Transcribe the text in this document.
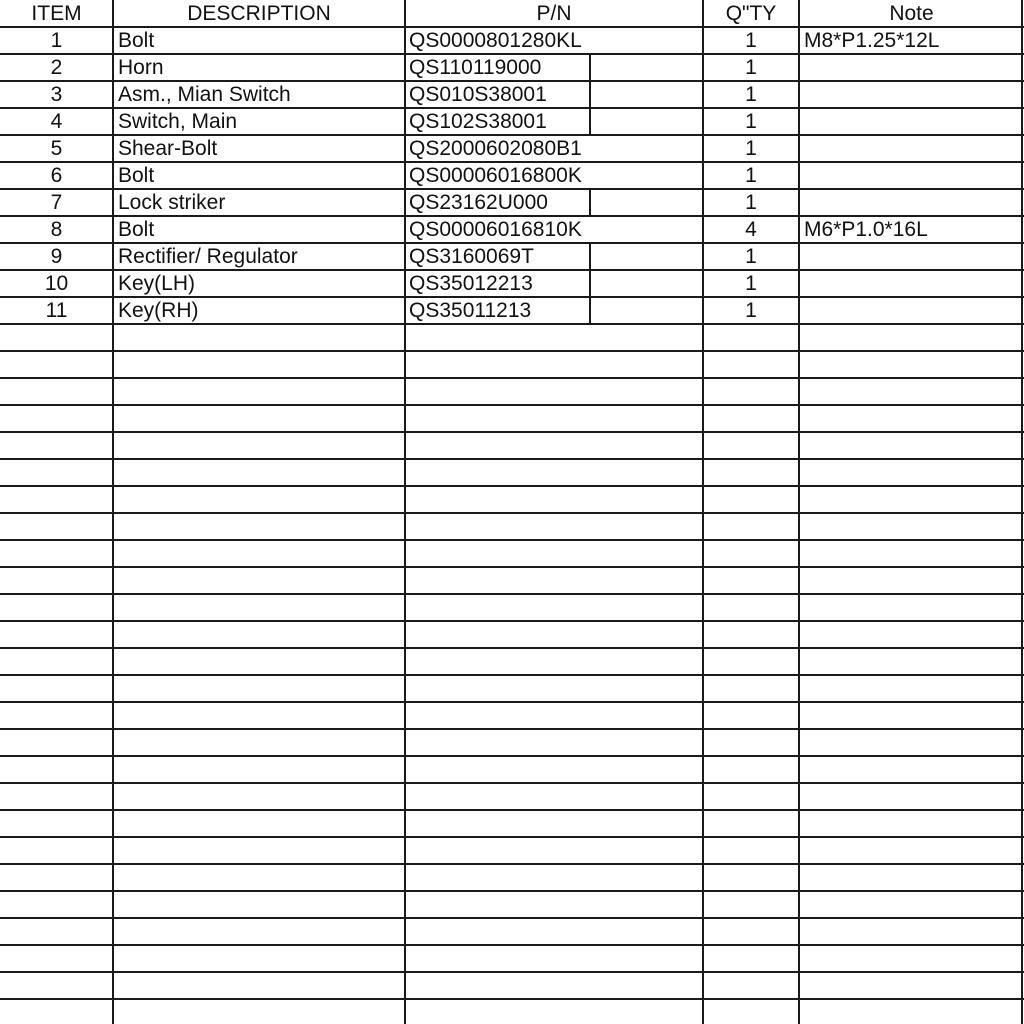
ITEM	DESCRIPTION	P/N	Q"TY	Note
1	Bolt	QS0000801280KL	1	M8*P1.25*12L
2	Horn	QS110119000	1
3	Asm., Mian Switch	QS010S38001	1
4	Switch, Main	QS102S38001	1
5	Shear-Bolt	QS2000602080B1	1
6	Bolt	QS00006016800K	1
7	Lock striker	QS23162U000	1
8	Bolt	QS00006016810K	4	M6*P1.0*16L
9	Rectifier/ Regulator	QS3160069T	1
10	Key(LH)	QS35012213	1
11	Key(RH)	QS35011213	1
